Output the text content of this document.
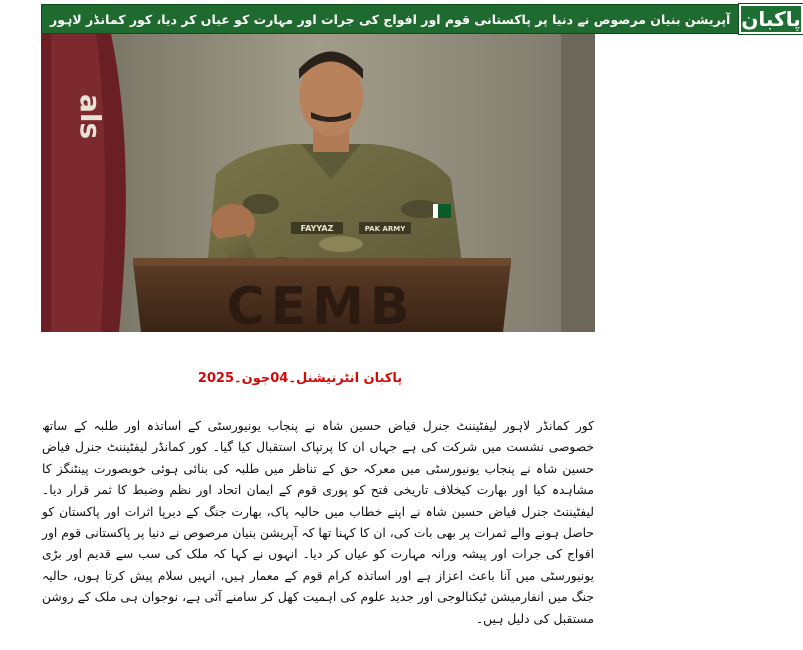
آپریشن بنیان مرصوص نے دنیا پر پاکستانی قوم اور افواج کی جرات اور مہارت کو عیاں کر دیا، کور کمانڈر لاہور پاکبان
als
FAYYAZ	PAK ARMY
CEMB
پاکبان انٹرنیشنل۔04جون۔2025
کور کمانڈر لاہور لیفٹیننٹ جنرل فیاض حسین شاہ نے پنجاب یونیورسٹی کے اساتذہ اور طلبہ کے ساتھ خصوصی نشست میں شرکت کی ہے جہاں ان کا پرتپاک استقبال کیا گیا۔ کور کمانڈر لیفٹیننٹ جنرل فیاض حسین شاہ نے پنجاب یونیورسٹی میں معرکہ حق کے تناظر میں طلبہ کی بنائی ہوئی خوبصورت پینٹنگز کا مشاہدہ کیا اور بھارت کیخلاف تاریخی فتح کو پوری قوم کے ایمان اتحاد اور نظم وضبط کا ثمر قرار دیا۔ لیفٹیننٹ جنرل فیاض حسین شاہ نے اپنے خطاب میں حالیہ پاک، بھارت جنگ کے دیرپا اثرات اور پاکستان کو حاصل ہونے والے ثمرات پر بھی بات کی، ان کا کہنا تھا کہ آپریشن بنیان مرصوص نے دنیا پر پاکستانی قوم اور افواج کی جرات اور پیشہ ورانہ مہارت کو عیاں کر دیا۔ انہوں نے کہا کہ ملک کی سب سے قدیم اور بڑی یونیورسٹی میں آنا باعث اعزاز ہے اور اساتذہ کرام قوم کے معمار ہیں، انہیں سلام پیش کرتا ہوں، حالیہ جنگ میں انفارمیشن ٹیکنالوجی اور جدید علوم کی اہمیت کھل کر سامنے آئی ہے، نوجوان ہی ملک کے روشن مستقبل کی دلیل ہیں۔
